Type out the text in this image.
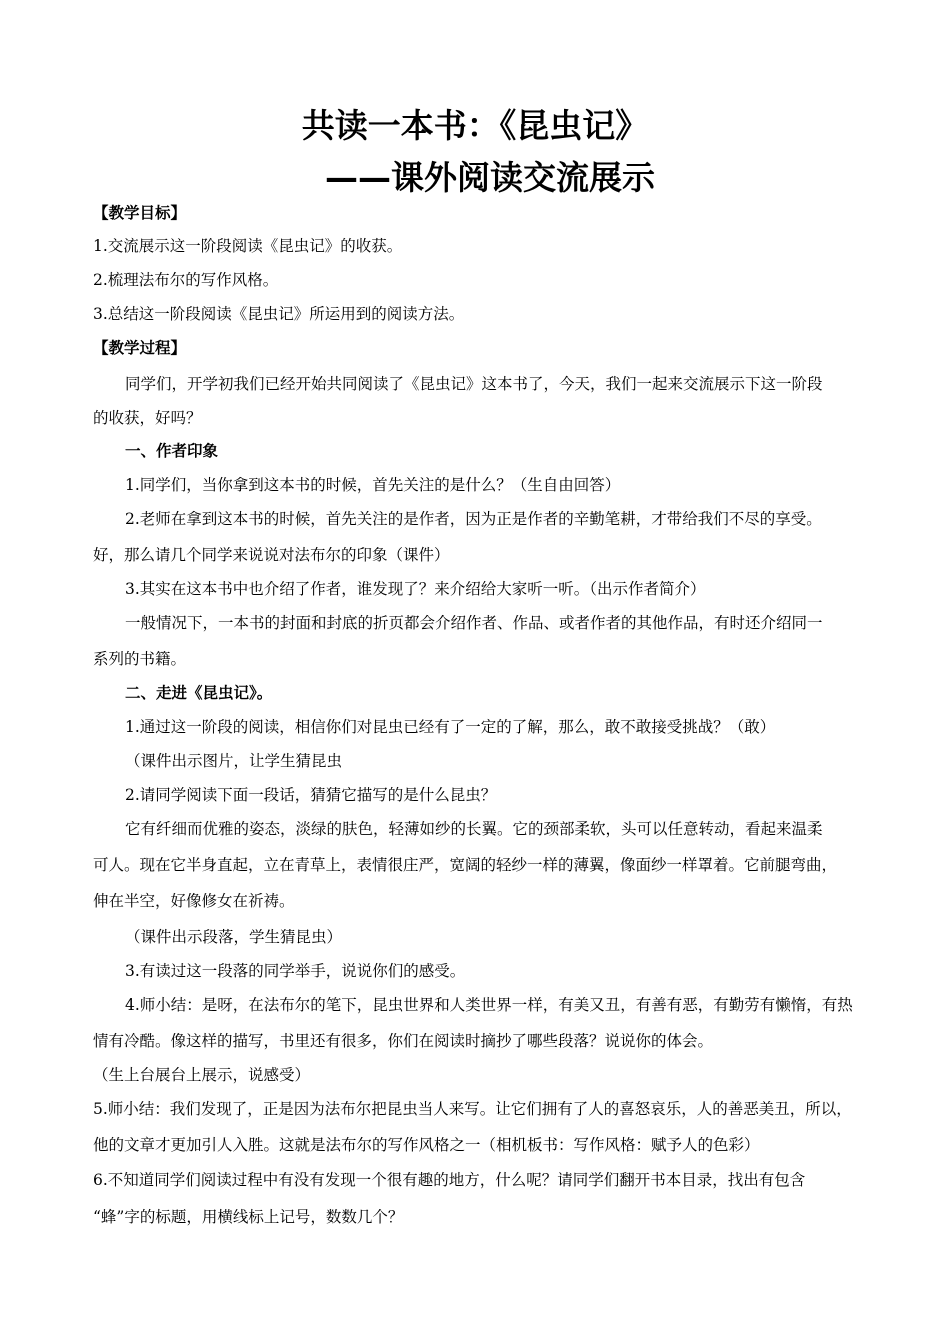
共读一本书：《昆虫记》
——课外阅读交流展示
【教学目标】
1.交流展示这一阶段阅读《昆虫记》的收获。
2.梳理法布尔的写作风格。
3.总结这一阶段阅读《昆虫记》所运用到的阅读方法。
【教学过程】
同学们，开学初我们已经开始共同阅读了《昆虫记》这本书了，今天，我们一起来交流展示下这一阶段
的收获，好吗？
一、作者印象
1.同学们，当你拿到这本书的时候，首先关注的是什么？（生自由回答）
2.老师在拿到这本书的时候，首先关注的是作者，因为正是作者的辛勤笔耕，才带给我们不尽的享受。
好，那么请几个同学来说说对法布尔的印象（课件）
3.其实在这本书中也介绍了作者，谁发现了？来介绍给大家听一听。（出示作者简介）
一般情况下，一本书的封面和封底的折页都会介绍作者、作品、或者作者的其他作品，有时还介绍同一
系列的书籍。
二、走进《昆虫记》。
1.通过这一阶段的阅读，相信你们对昆虫已经有了一定的了解，那么，敢不敢接受挑战？（敢）
（课件出示图片，让学生猜昆虫
2.请同学阅读下面一段话，猜猜它描写的是什么昆虫？
它有纤细而优雅的姿态，淡绿的肤色，轻薄如纱的长翼。它的颈部柔软，头可以任意转动，看起来温柔
可人。现在它半身直起，立在青草上，表情很庄严，宽阔的轻纱一样的薄翼，像面纱一样罩着。它前腿弯曲，
伸在半空，好像修女在祈祷。
（课件出示段落，学生猜昆虫）
3.有读过这一段落的同学举手，说说你们的感受。
4.师小结：是呀，在法布尔的笔下，昆虫世界和人类世界一样，有美又丑，有善有恶，有勤劳有懒惰，有热
情有冷酷。像这样的描写，书里还有很多，你们在阅读时摘抄了哪些段落？说说你的体会。
（生上台展台上展示，说感受）
5.师小结：我们发现了，正是因为法布尔把昆虫当人来写。让它们拥有了人的喜怒哀乐，人的善恶美丑，所以，
他的文章才更加引人入胜。这就是法布尔的写作风格之一（相机板书：写作风格：赋予人的色彩）
6.不知道同学们阅读过程中有没有发现一个很有趣的地方，什么呢？请同学们翻开书本目录，找出有包含
“蜂”字的标题，用横线标上记号，数数几个？
